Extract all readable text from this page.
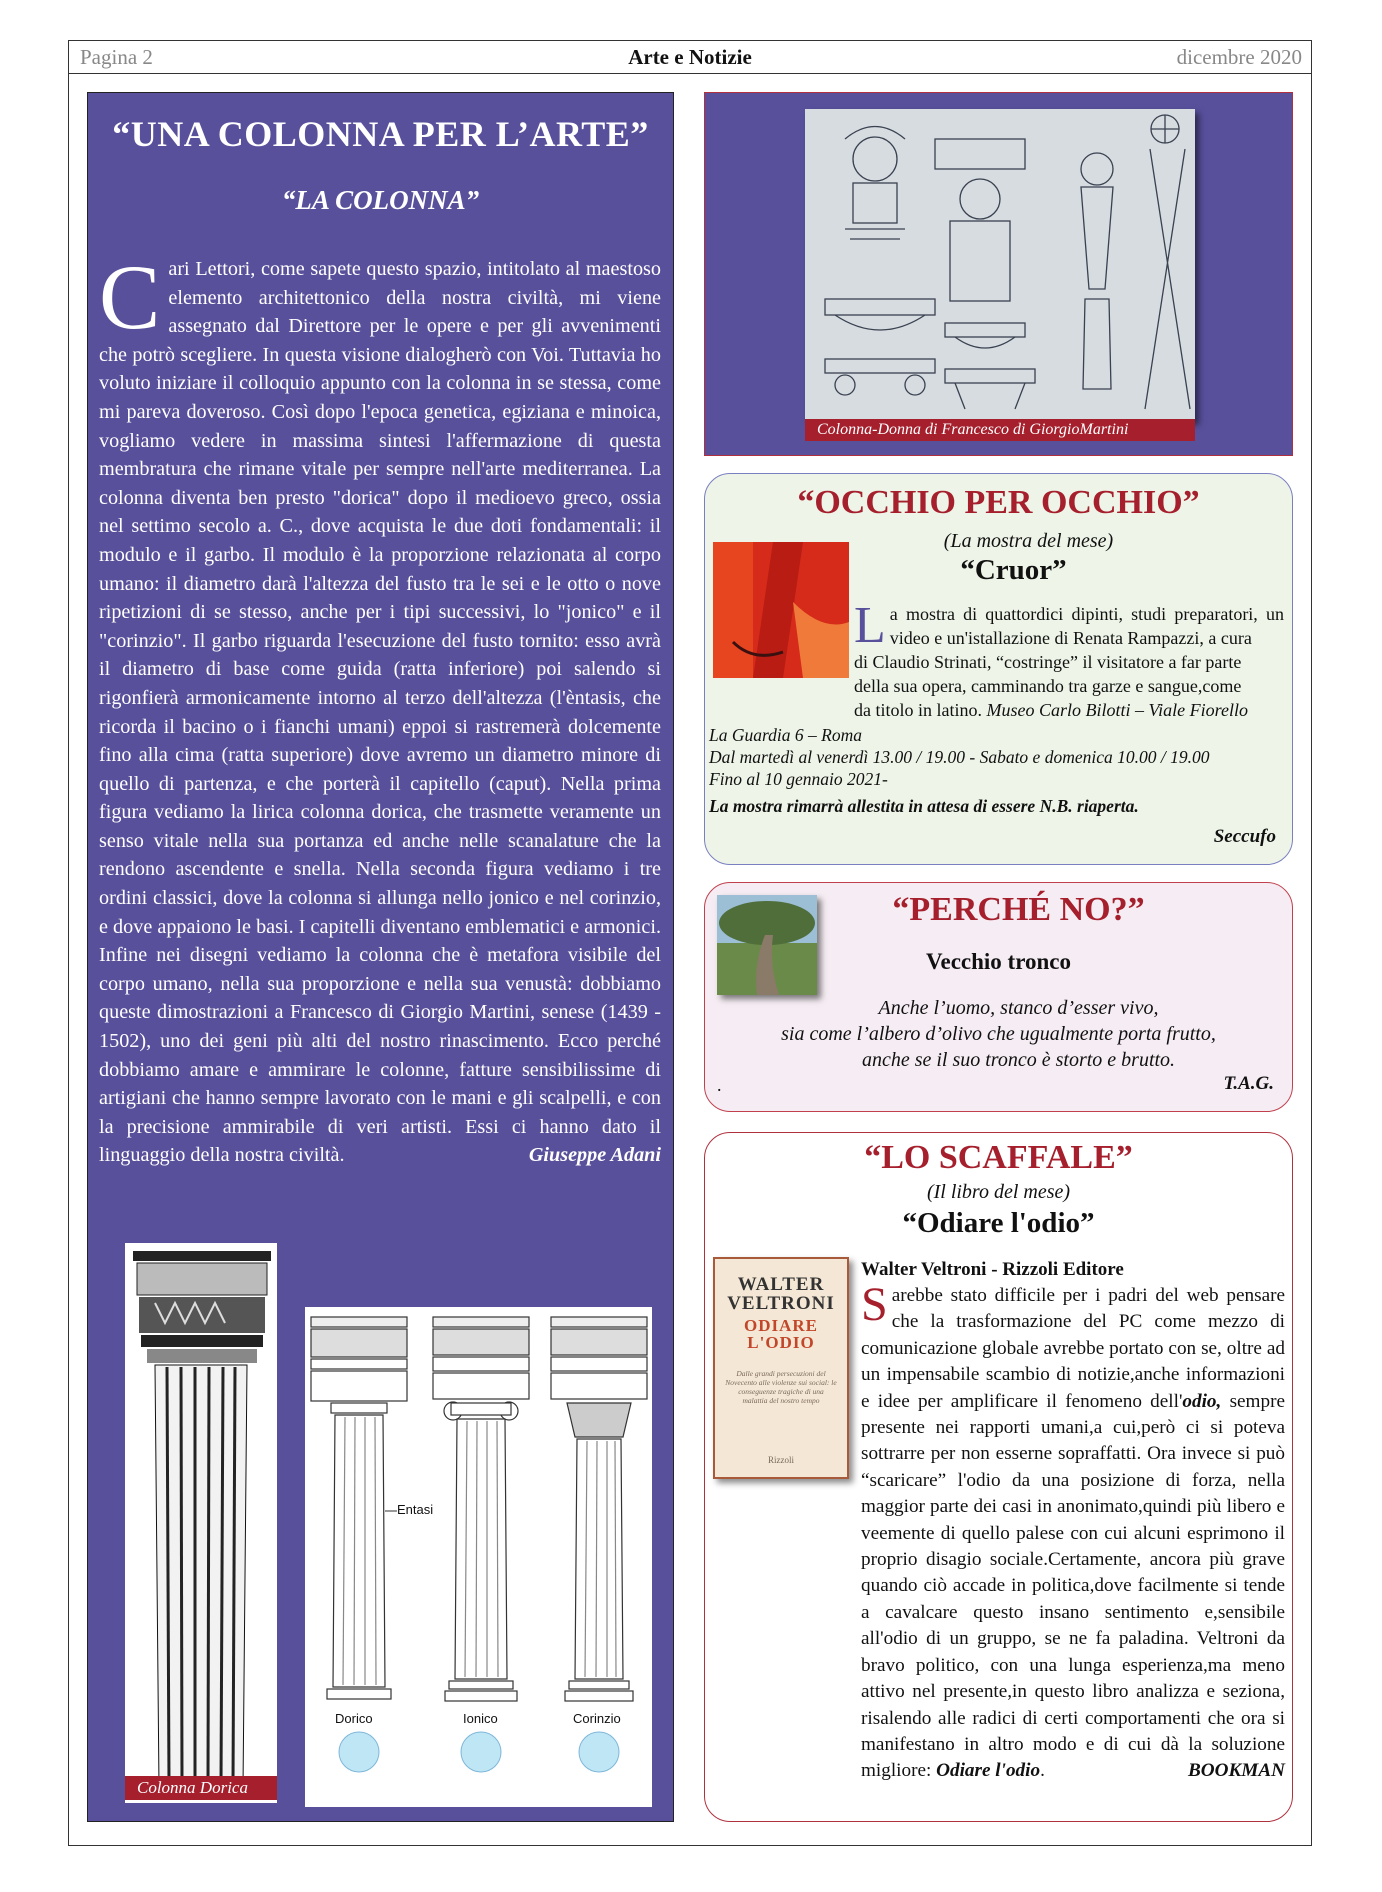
Pagina 2	Arte e Notizie	dicembre 2020
“UNA COLONNA PER L’ARTE”
“LA COLONNA”
Cari Lettori, come sapete questo spazio, intitolato al maestoso elemento architettonico della nostra civiltà, mi viene assegnato dal Direttore per le opere e per gli avvenimenti che potrò scegliere. In questa visione dialogherò con Voi. Tuttavia ho voluto iniziare il colloquio appunto con la colonna in se stessa, come mi pareva doveroso. Così dopo l'epoca genetica, egiziana e minoica, vogliamo vedere in massima sintesi l'affermazione di questa membratura che rimane vitale per sempre nell'arte mediterranea. La colonna diventa ben presto "dorica" dopo il medioevo greco, ossia nel settimo secolo a. C., dove acquista le due doti fondamentali: il modulo e il garbo. Il modulo è la proporzione relazionata al corpo umano: il diametro darà l'altezza del fusto tra le sei e le otto o nove ripetizioni di se stesso, anche per i tipi successivi, lo "jonico" e il "corinzio". Il garbo riguarda l'esecuzione del fusto tornito: esso avrà il diametro di base come guida (ratta inferiore) poi salendo si rigonfierà armonicamente intorno al terzo dell'altezza (l'èntasis, che ricorda il bacino o i fianchi umani) eppoi si rastremerà dolcemente fino alla cima (ratta superiore) dove avremo un diametro minore di quello di partenza, e che porterà il capitello (caput). Nella prima figura vediamo la lirica colonna dorica, che trasmette veramente un senso vitale nella sua portanza ed anche nelle scanalature che la rendono ascendente e snella. Nella seconda figura vediamo i tre ordini classici, dove la colonna si allunga nello jonico e nel corinzio, e dove appaiono le basi. I capitelli diventano emblematici e armonici. Infine nei disegni vediamo la colonna che è metafora visibile del corpo umano, nella sua proporzione e nella sua venustà: dobbiamo queste dimostrazioni a Francesco di Giorgio Martini, senese (1439 - 1502), uno dei geni più alti del nostro rinascimento. Ecco perché dobbiamo amare e ammirare le colonne, fatture sensibilissime di artigiani che hanno sempre lavorato con le mani e gli scalpelli, e con la precisione ammirabile di veri artisti. Essi ci hanno dato il linguaggio della nostra civiltà.	Giuseppe Adani
Colonna Dorica
Entasi
Dorico	Ionico	Corinzio
Colonna-Donna di Francesco di GiorgioMartini
“OCCHIO PER OCCHIO”
(La mostra del mese)
“Cruor”
La mostra di quattordici dipinti, studi preparatori, un video e un'istallazione di Renata Rampazzi, a cura
di Claudio Strinati, “costringe” il visitatore a far parte
della sua opera, camminando tra garze e sangue,come
da titolo in latino. Museo Carlo Bilotti – Viale Fiorello
La Guardia 6 – Roma
Dal martedì al venerdì 13.00 / 19.00 - Sabato e domenica 10.00 / 19.00
Fino al 10 gennaio 2021-
La mostra rimarrà allestita in attesa di essere N.B. riaperta.
Seccufo
“PERCHÉ NO?”
Vecchio tronco
Anche l’uomo, stanco d’esser vivo,
sia come l’albero d’olivo che ugualmente porta frutto,
anche se il suo tronco è storto e brutto.
.	T.A.G.
“LO SCAFFALE”
(Il libro del mese)
“Odiare l'odio”
WALTER VELTRONI
ODIARE L'ODIO
Dalle grandi persecuzioni del Novecento alle violenze sui social: le conseguenze tragiche di una malattia del nostro tempo
Rizzoli
Walter Veltroni - Rizzoli Editore
Sarebbe stato difficile per i padri del web pensare che la trasformazione del PC come mezzo di comunicazione globale avrebbe portato con se, oltre ad un impensabile scambio di notizie,anche informazioni e idee per amplificare il fenomeno dell'odio, sempre presente nei rapporti umani,a cui,però ci si poteva sottrarre per non esserne sopraffatti. Ora invece si può “scaricare” l'odio da una posizione di forza, nella maggior parte dei casi in anonimato,quindi più libero e veemente di quello palese con cui alcuni esprimono il proprio disagio sociale.Certamente, ancora più grave quando ciò accade in politica,dove facilmente si tende a cavalcare questo insano sentimento e,sensibile all'odio di un gruppo, se ne fa paladina. Veltroni da bravo politico, con una lunga esperienza,ma meno attivo nel presente,in questo libro analizza e seziona, risalendo alle radici di certi comportamenti che ora si manifestano in altro modo e di cui dà la soluzione migliore: Odiare l'odio.	BOOKMAN
